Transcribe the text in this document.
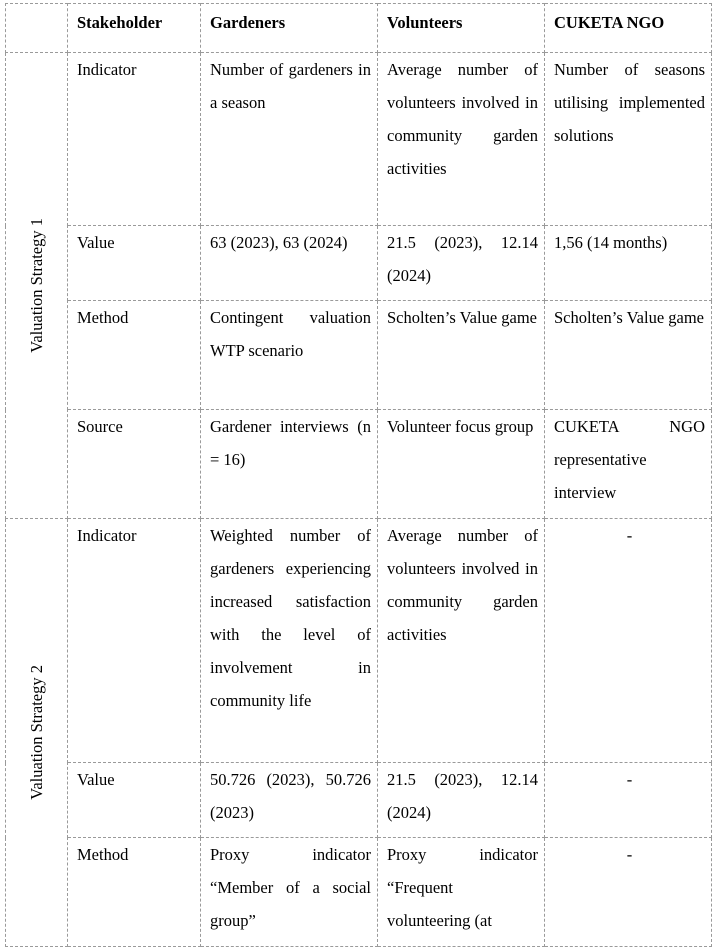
	Stakeholder	Gardeners	Volunteers	CUKETA NGO

Valuation Strategy 1	Indicator	Number of gardeners in a season	Average number of volunteers involved in community garden activities	Number of seasons utilising implemented solutions
	Value	63 (2023), 63 (2024)	21.5 (2023), 12.14 (2024)	1,56 (14 months)
	Method	Contingent valuation WTP scenario	Scholten’s Value game	Scholten’s Value game
	Source	Gardener interviews (n = 16)	Volunteer focus group	CUKETA NGO representative interview

Valuation Strategy 2	Indicator	Weighted number of gardeners experiencing increased satisfaction with the level of involvement in community life	Average number of volunteers involved in community garden activities	-
	Value	50.726 (2023), 50.726 (2023)	21.5 (2023), 12.14 (2024)	-
	Method	Proxy indicator “Member of a social group”	Proxy indicator “Frequent volunteering (at	-
